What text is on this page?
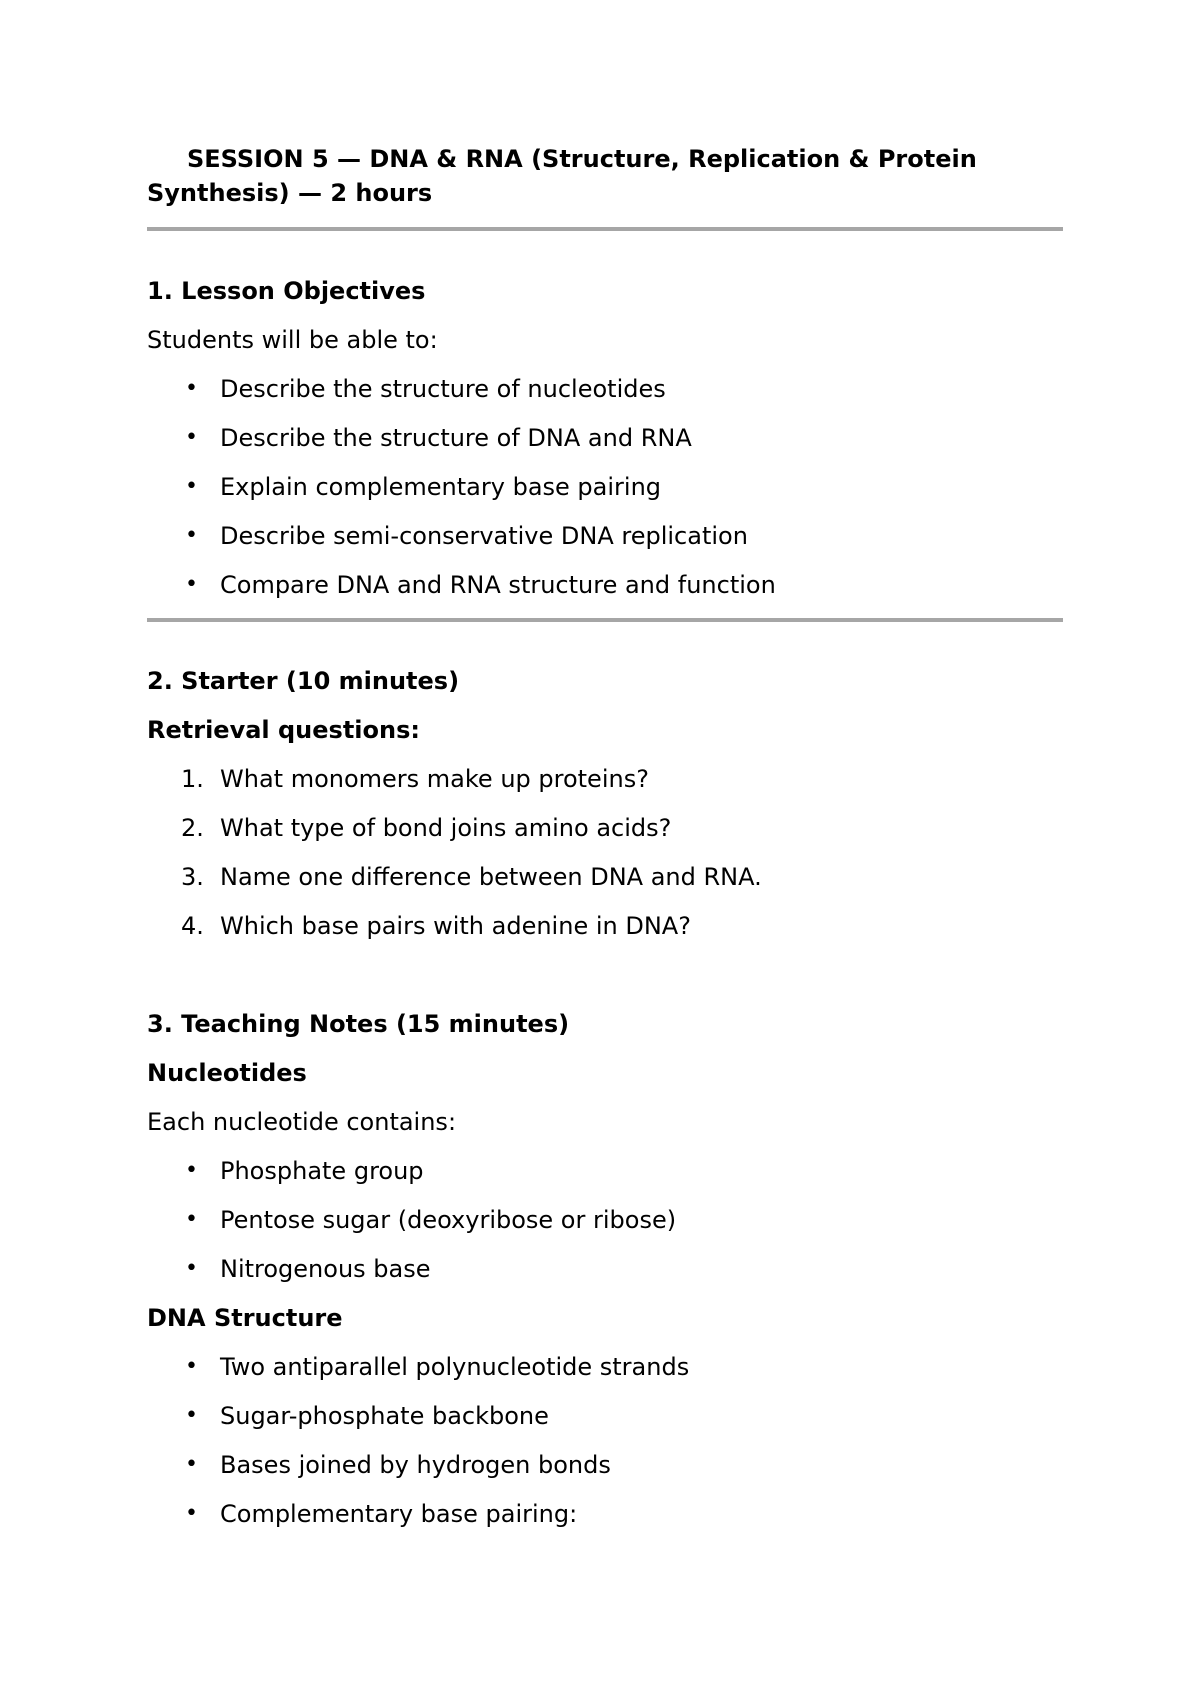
SESSION 5 — DNA & RNA (Structure, Replication & Protein Synthesis) — 2 hours

1. Lesson Objectives

Students will be able to:

• Describe the structure of nucleotides
• Describe the structure of DNA and RNA
• Explain complementary base pairing
• Describe semi-conservative DNA replication
• Compare DNA and RNA structure and function

2. Starter (10 minutes)

Retrieval questions:

1. What monomers make up proteins?
2. What type of bond joins amino acids?
3. Name one difference between DNA and RNA.
4. Which base pairs with adenine in DNA?

3. Teaching Notes (15 minutes)

Nucleotides

Each nucleotide contains:

• Phosphate group
• Pentose sugar (deoxyribose or ribose)
• Nitrogenous base

DNA Structure

• Two antiparallel polynucleotide strands
• Sugar-phosphate backbone
• Bases joined by hydrogen bonds
• Complementary base pairing:
